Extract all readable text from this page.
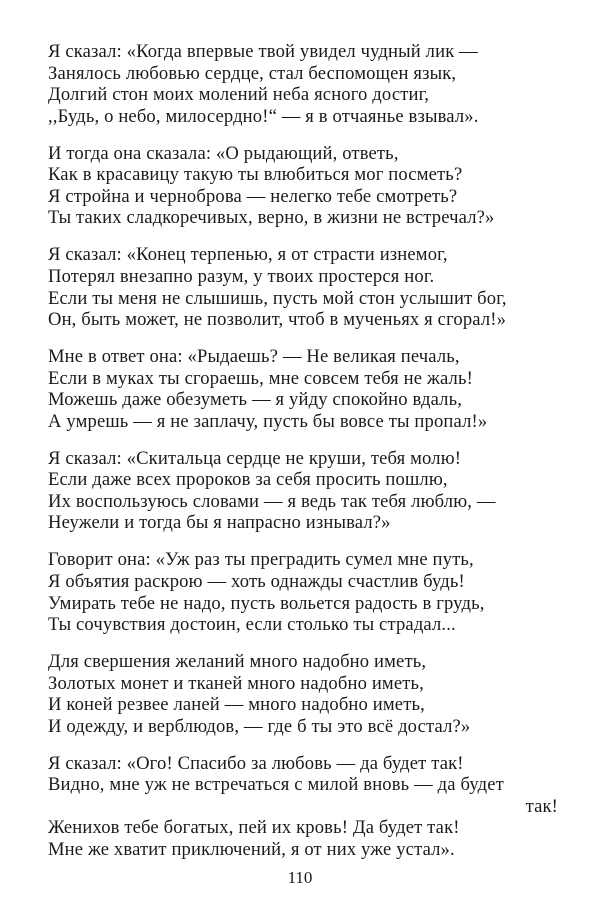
Я сказал: «Когда впервые твой увидел чудный лик —
Занялось любовью сердце, стал беспомощен язык,
Долгий стон моих молений неба ясного достиг,
,,Будь, о небо, милосердно!“ — я в отчаянье взывал».
И тогда она сказала: «О рыдающий, ответь,
Как в красавицу такую ты влюбиться мог посметь?
Я стройна и черноброва — нелегко тебе смотреть?
Ты таких сладкоречивых, верно, в жизни не встречал?»
Я сказал: «Конец терпенью, я от страсти изнемог,
Потерял внезапно разум, у твоих простерся ног.
Если ты меня не слышишь, пусть мой стон услышит бог,
Он, быть может, не позволит, чтоб в мученьях я сгорал!»
Мне в ответ она: «Рыдаешь? — Не великая печаль,
Если в муках ты сгораешь, мне совсем тебя не жаль!
Можешь даже обезуметь — я уйду спокойно вдаль,
А умрешь — я не заплачу, пусть бы вовсе ты пропал!»
Я сказал: «Скитальца сердце не круши, тебя молю!
Если даже всех пророков за себя просить пошлю,
Их воспользуюсь словами — я ведь так тебя люблю, —
Неужели и тогда бы я напрасно изнывал?»
Говорит она: «Уж раз ты преградить сумел мне путь,
Я объятия раскрою — хоть однажды счастлив будь!
Умирать тебе не надо, пусть вольется радость в грудь,
Ты сочувствия достоин, если столько ты страдал...
Для свершения желаний много надобно иметь,
Золотых монет и тканей много надобно иметь,
И коней резвее ланей — много надобно иметь,
И одежду, и верблюдов, — где б ты это всё достал?»
Я сказал: «Ого! Спасибо за любовь — да будет так!
Видно, мне уж не встречаться с милой вновь — да будет
так!
Женихов тебе богатых, пей их кровь! Да будет так!
Мне же хватит приключений, я от них уже устал».
110
